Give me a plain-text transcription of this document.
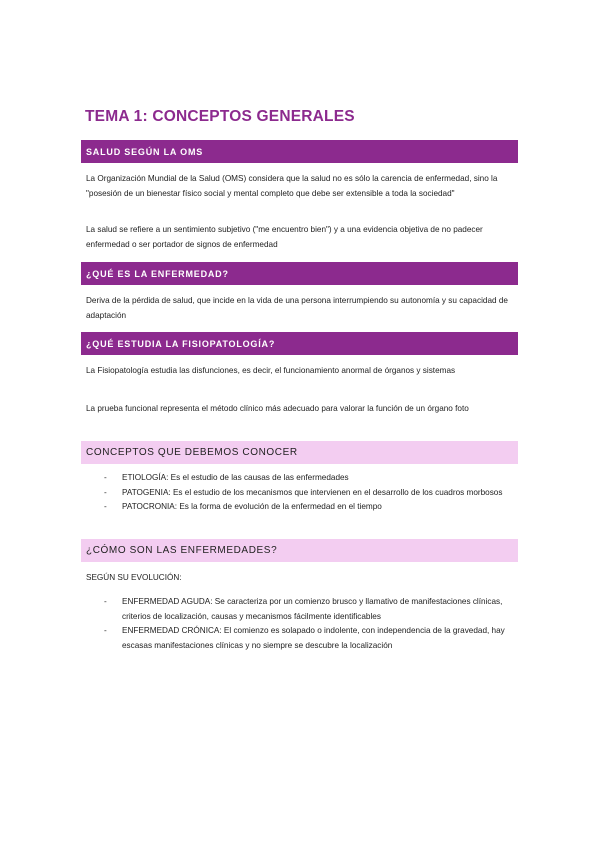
TEMA 1: CONCEPTOS GENERALES
SALUD SEGÚN LA OMS

La Organización Mundial de la Salud (OMS) considera que la salud no es sólo la carencia de enfermedad, sino la "posesión de un bienestar físico social y mental completo que debe ser extensible a toda la sociedad"

La salud se refiere a un sentimiento subjetivo ("me encuentro bien") y a una evidencia objetiva de no padecer enfermedad o ser portador de signos de enfermedad

¿QUÉ ES LA ENFERMEDAD?

Deriva de la pérdida de salud, que incide en la vida de una persona interrumpiendo su autonomía y su capacidad de adaptación

¿QUÉ ESTUDIA LA FISIOPATOLOGÍA?

La Fisiopatología estudia las disfunciones, es decir, el funcionamiento anormal de órganos y sistemas

La prueba funcional representa el método clínico más adecuado para valorar la función de un órgano foto

CONCEPTOS QUE DEBEMOS CONOCER
- ETIOLOGÍA: Es el estudio de las causas de las enfermedades
- PATOGENIA: Es el estudio de los mecanismos que intervienen en el desarrollo de los cuadros morbosos
- PATOCRONIA: Es la forma de evolución de la enfermedad en el tiempo
¿CÓMO SON LAS ENFERMEDADES?

SEGÚN SU EVOLUCIÓN:

- ENFERMEDAD AGUDA: Se caracteriza por un comienzo brusco y llamativo de manifestaciones clínicas, criterios de localización, causas y mecanismos fácilmente identificables
- ENFERMEDAD CRÓNICA: El comienzo es solapado o indolente, con independencia de la gravedad, hay escasas manifestaciones clínicas y no siempre se descubre la localización
